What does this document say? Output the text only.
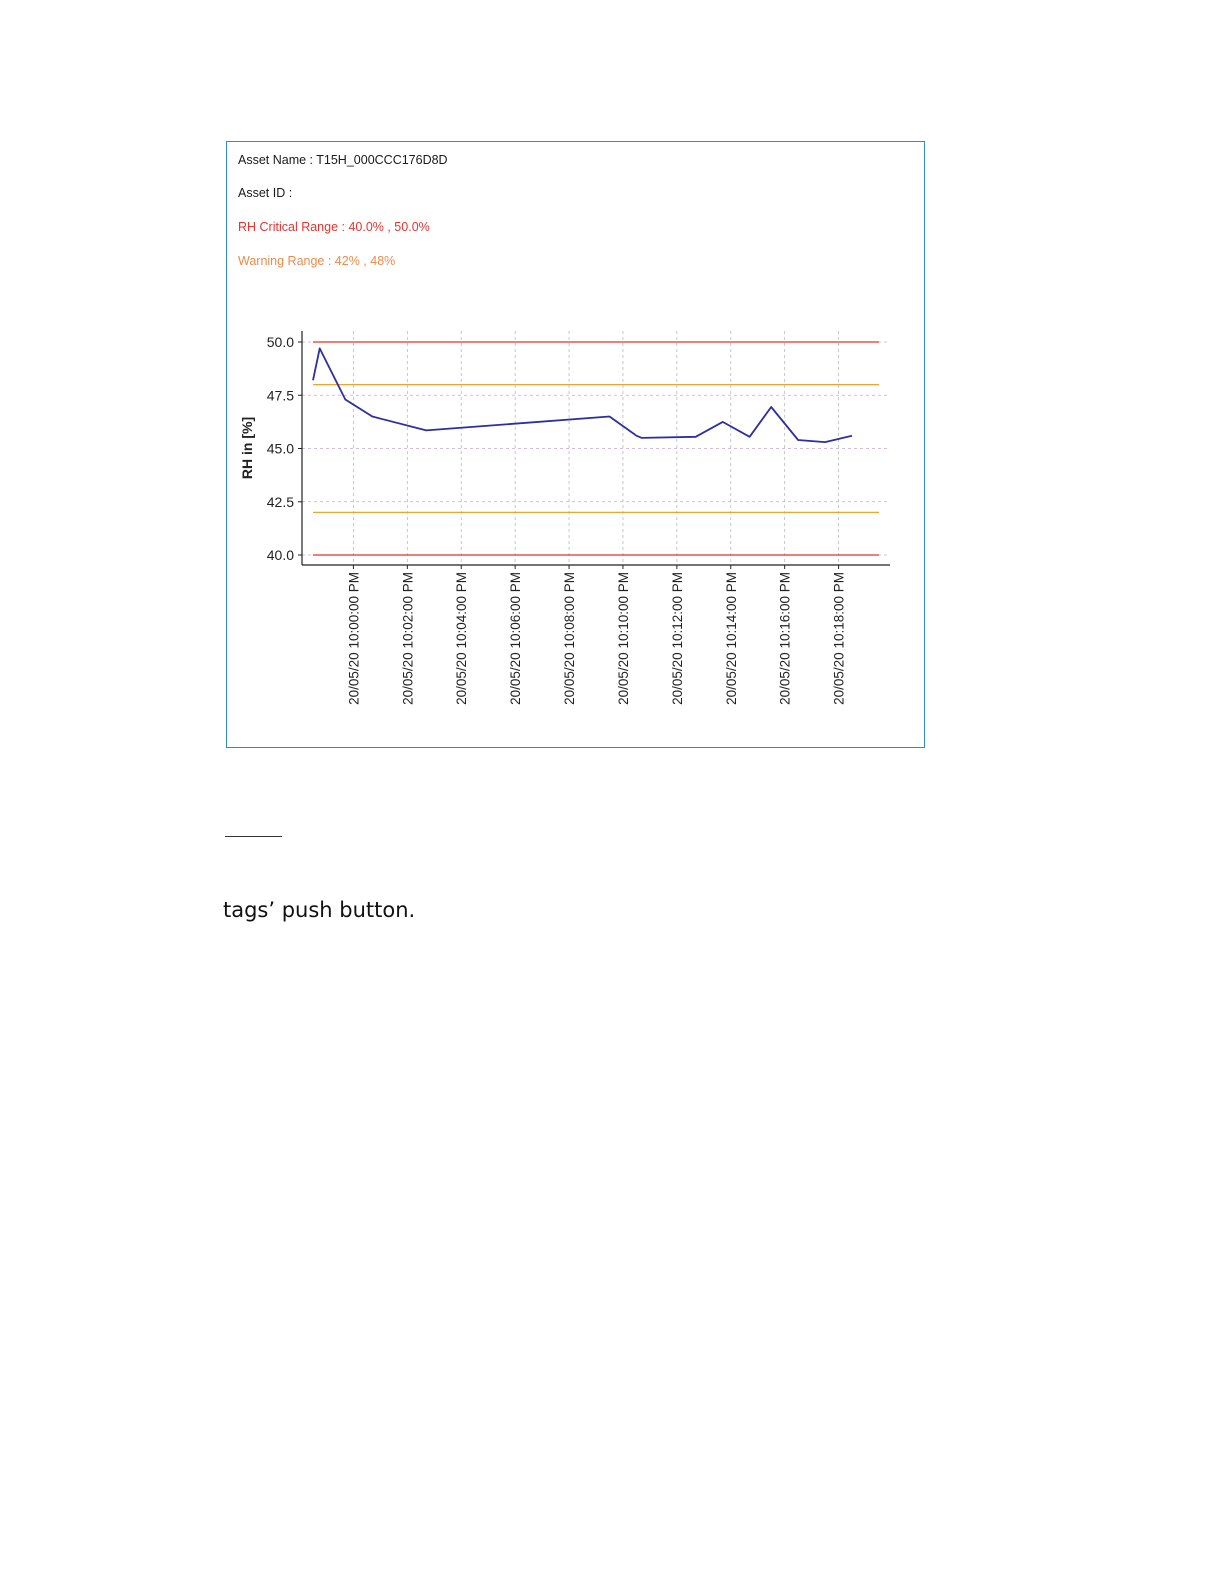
Asset Name : T15H_000CCC176D8D
Asset ID :
RH Critical Range : 40.0% , 50.0%
Warning Range : 42% , 48%
50.0
47.5
45.0
42.5
40.0
20/05/20 10:00:00 PM	20/05/20 10:02:00 PM	20/05/20 10:04:00 PM	20/05/20 10:06:00 PM	20/05/20 10:08:00 PM	20/05/20 10:10:00 PM	20/05/20 10:12:00 PM	20/05/20 10:14:00 PM	20/05/20 10:16:00 PM	20/05/20 10:18:00 PM
RH in [%]
tags’ push button.
